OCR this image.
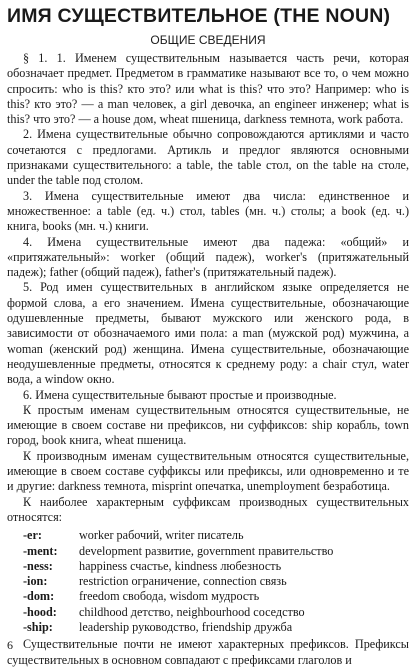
ИМЯ СУЩЕСТВИТЕЛЬНОЕ (THE NOUN)
ОБЩИЕ СВЕДЕНИЯ

§ 1. 1. Именем существительным называется часть речи, которая обозначает предмет. Предметом в грамматике называют все то, о чем можно спросить: who is this? кто это? или what is this? что это? Например: who is this? кто это? — a man человек, a girl девочка, an engineer инженер; what is this? что это? — a house дом, wheat пшеница, darkness темнота, work работа.

2. Имена существительные обычно сопровождаются артиклями и часто сочетаются с предлогами. Артикль и предлог являются основными признаками существительного: a table, the table стол, on the table на столе, under the table под столом.

3. Имена существительные имеют два числа: единственное и множественное: a table (ед. ч.) стол, tables (мн. ч.) столы; a book (ед. ч.) книга, books (мн. ч.) книги.

4. Имена существительные имеют два падежа: «общий» и «притяжательный»: worker (общий падеж), worker's (притяжательный падеж); father (общий падеж), father's (притяжательный падеж).

5. Род имен существительных в английском языке определяется не формой слова, а его значением. Имена существительные, обозначающие одушевленные предметы, бывают мужского или женского рода, в зависимости от обозначаемого ими пола: a man (мужской род) мужчина, a woman (женский род) женщина. Имена существительные, обозначающие неодушевленные предметы, относятся к среднему роду: a chair стул, water вода, a window окно.

6. Имена существительные бывают простые и производные.

К простым именам существительным относятся существительные, не имеющие в своем составе ни префиксов, ни суффиксов: ship корабль, town город, book книга, wheat пшеница.

К производным именам существительным относятся существительные, имеющие в своем составе суффиксы или префиксы, или одновременно и те и другие: darkness темнота, misprint опечатка, unemployment безработица.

К наиболее характерным суффиксам производных существительных относятся:

-er:	worker рабочий, writer писатель
-ment:	development развитие, government правительство
-ness:	happiness счастье, kindness любезность
-ion:	restriction ограничение, connection связь
-dom:	freedom свобода, wisdom мудрость
-hood:	childhood детство, neighbourhood соседство
-ship:	leadership руководство, friendship дружба

Существительные почти не имеют характерных префиксов. Префиксы существительных в основном совпадают с префиксами глаголов и

6
